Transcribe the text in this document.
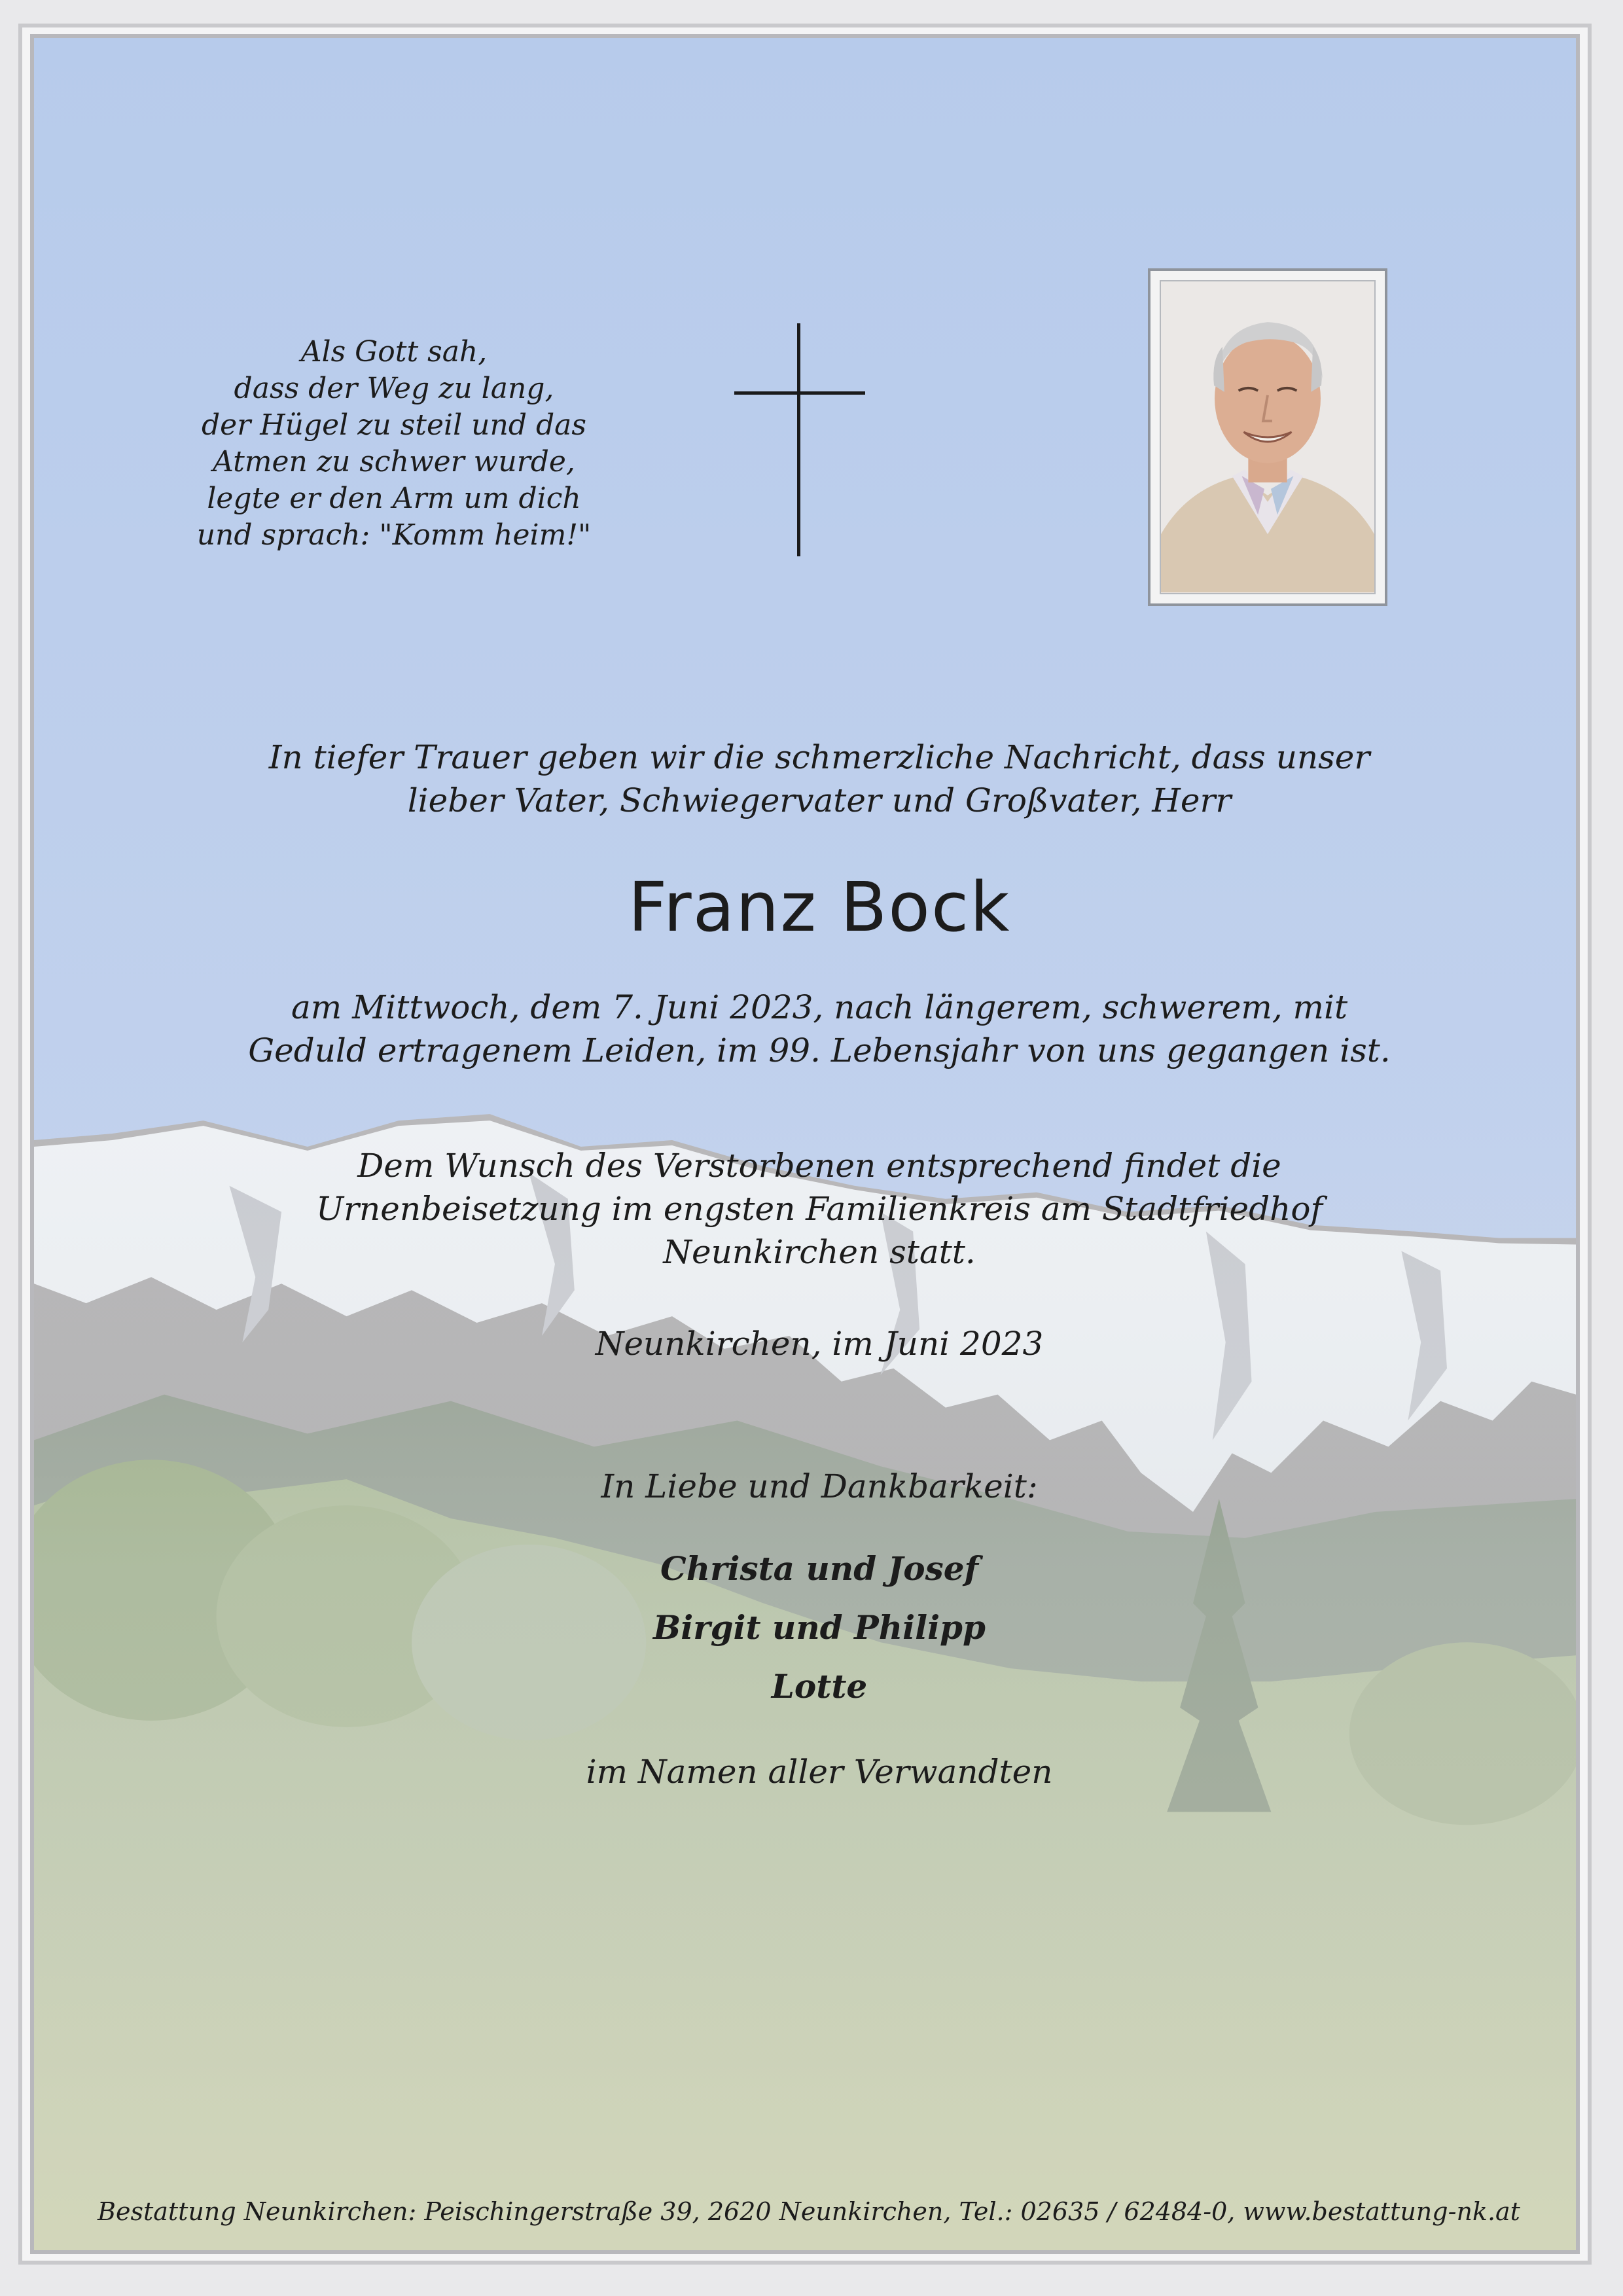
Als Gott sah,
dass der Weg zu lang,
der Hügel zu steil und das
Atmen zu schwer wurde,
legte er den Arm um dich
und sprach: "Komm heim!"
In tiefer Trauer geben wir die schmerzliche Nachricht, dass unser
lieber Vater, Schwiegervater und Großvater, Herr
Franz Bock
am Mittwoch, dem 7. Juni 2023, nach längerem, schwerem, mit
Geduld ertragenem Leiden, im 99. Lebensjahr von uns gegangen ist.
Dem Wunsch des Verstorbenen entsprechend findet die
Urnenbeisetzung im engsten Familienkreis am Stadtfriedhof
Neunkirchen statt.
Neunkirchen, im Juni 2023
In Liebe und Dankbarkeit:
Christa und Josef
Birgit und Philipp
Lotte
im Namen aller Verwandten
Bestattung Neunkirchen: Peischingerstraße 39, 2620 Neunkirchen, Tel.: 02635 / 62484-0, www.bestattung-nk.at
